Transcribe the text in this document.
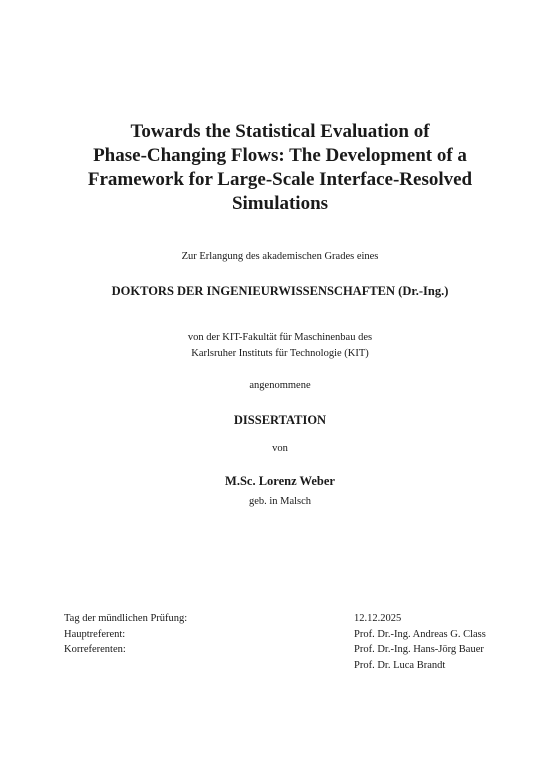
Towards the Statistical Evaluation of
Phase-Changing Flows: The Development of a
Framework for Large-Scale Interface-Resolved
Simulations
Zur Erlangung des akademischen Grades eines
DOKTORS DER INGENIEURWISSENSCHAFTEN (Dr.-Ing.)
von der KIT-Fakultät für Maschinenbau des
Karlsruher Instituts für Technologie (KIT)
angenommene
DISSERTATION
von
M.Sc. Lorenz Weber
geb. in Malsch
Tag der mündlichen Prüfung:	12.12.2025
Hauptreferent:	Prof. Dr.-Ing. Andreas G. Class
Korreferenten:	Prof. Dr.-Ing. Hans-Jörg Bauer
Prof. Dr. Luca Brandt
